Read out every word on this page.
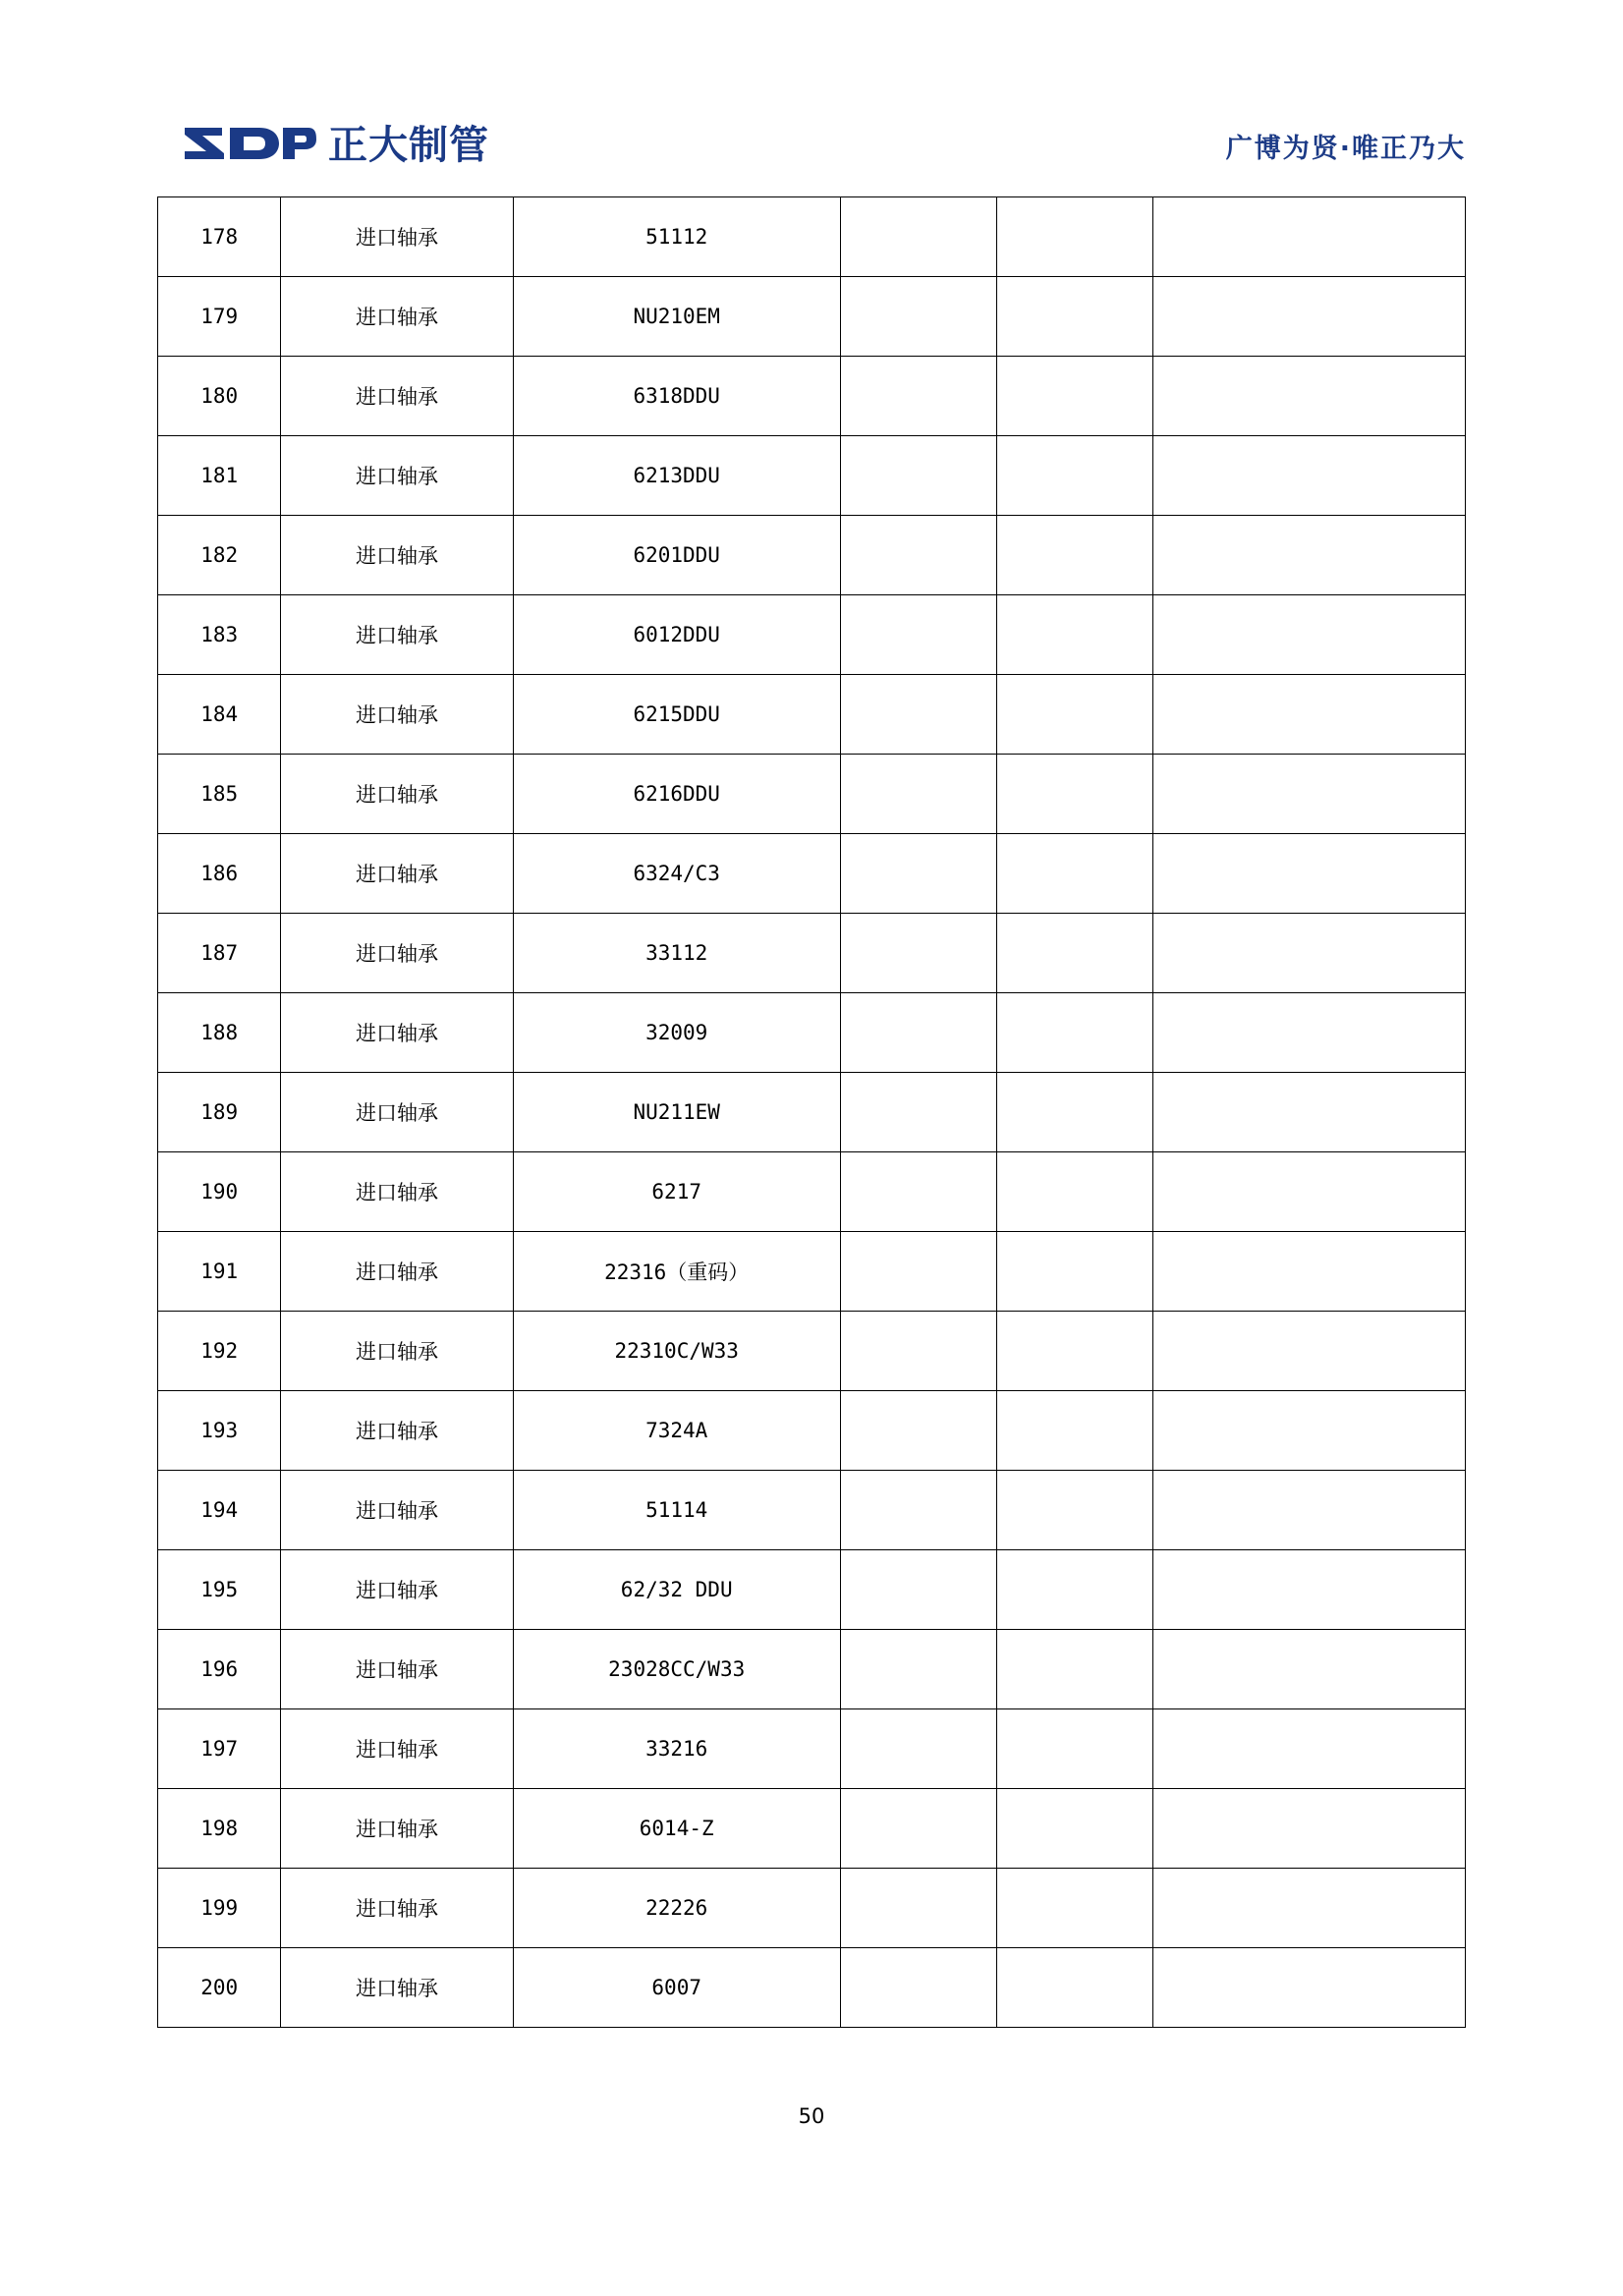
正大制管	广博为贤·唯正乃大
178	进口轴承	51112			
179	进口轴承	NU210EM			
180	进口轴承	6318DDU			
181	进口轴承	6213DDU			
182	进口轴承	6201DDU			
183	进口轴承	6012DDU			
184	进口轴承	6215DDU			
185	进口轴承	6216DDU			
186	进口轴承	6324/C3			
187	进口轴承	33112			
188	进口轴承	32009			
189	进口轴承	NU211EW			
190	进口轴承	6217			
191	进口轴承	22316（重码）			
192	进口轴承	22310C/W33			
193	进口轴承	7324A			
194	进口轴承	51114			
195	进口轴承	62/32 DDU			
196	进口轴承	23028CC/W33			
197	进口轴承	33216			
198	进口轴承	6014-Z			
199	进口轴承	22226			
200	进口轴承	6007			
50
